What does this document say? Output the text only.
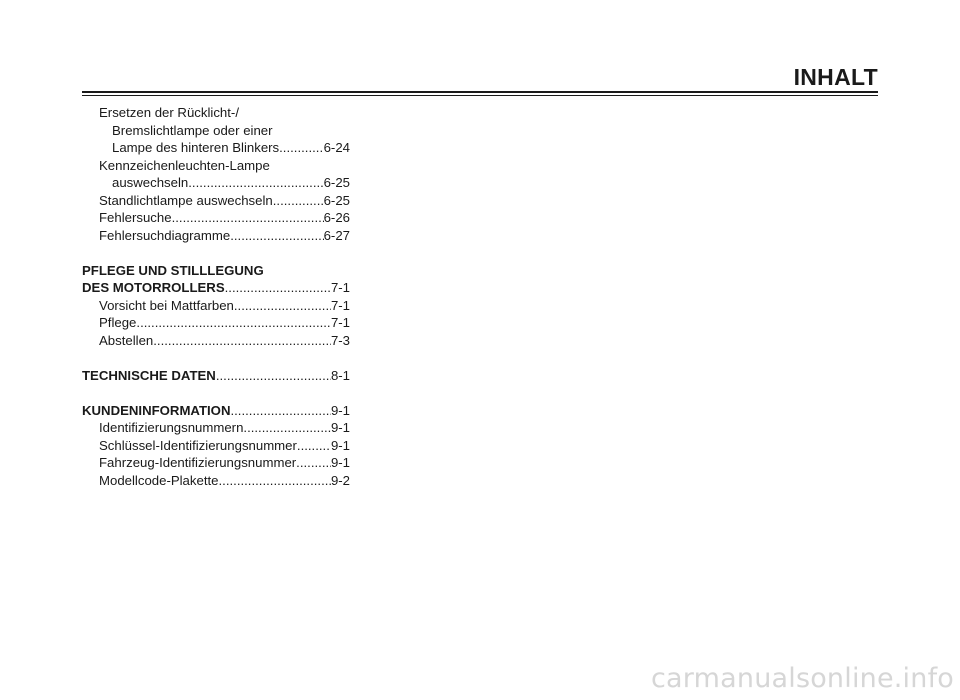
INHALT
Ersetzen der Rücklicht-/
Bremslichtlampe oder einer
Lampe des hinteren Blinkers .....	6-24
Kennzeichenleuchten-Lampe
auswechseln .....	6-25
Standlichtlampe auswechseln .....	6-25
Fehlersuche .....	6-26
Fehlersuchdiagramme .....	6-27
PFLEGE UND STILLLEGUNG
DES MOTORROLLERS .....	7-1
Vorsicht bei Mattfarben .....	7-1
Pflege .....	7-1
Abstellen .....	7-3
TECHNISCHE DATEN .....	8-1
KUNDENINFORMATION .....	9-1
Identifizierungsnummern .....	9-1
Schlüssel-Identifizierungsnummer .....	9-1
Fahrzeug-Identifizierungsnummer .....	9-1
Modellcode-Plakette .....	9-2
carmanualsonline.info
